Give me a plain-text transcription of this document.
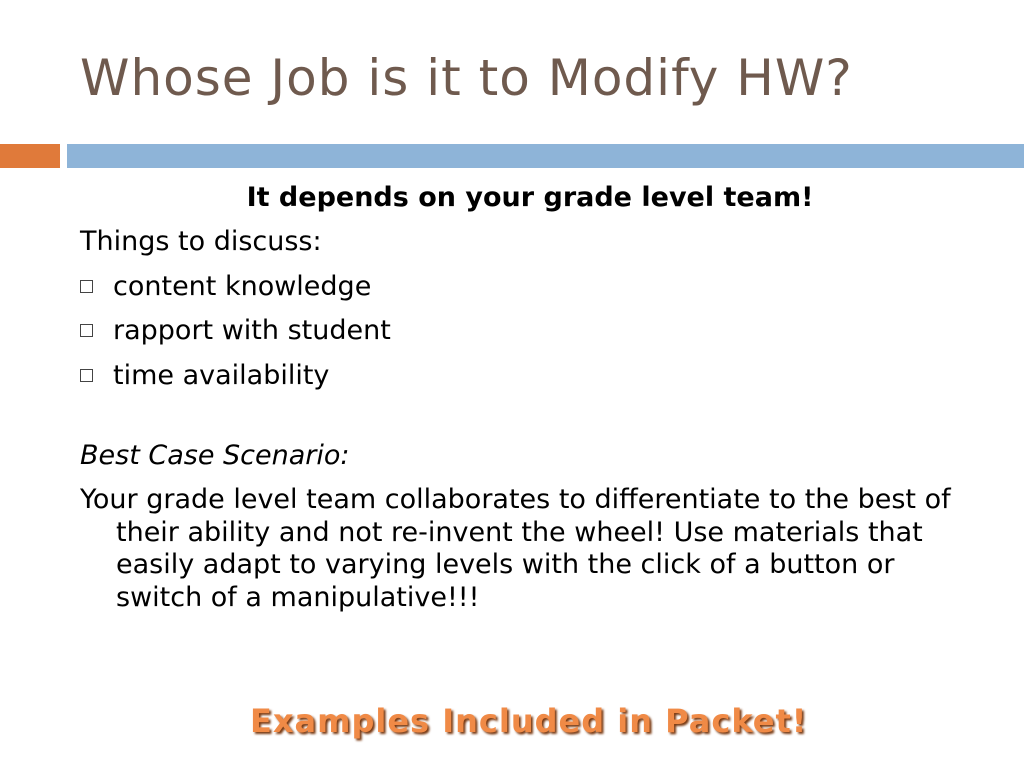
Whose Job is it to Modify HW?
It depends on your grade level team!
Things to discuss:
content knowledge
rapport with student
time availability
Best Case Scenario:
Your grade level team collaborates to differentiate to the best of their ability and not re-invent the wheel! Use materials that easily adapt to varying levels with the click of a button or switch of a manipulative!!!
Examples Included in Packet!
